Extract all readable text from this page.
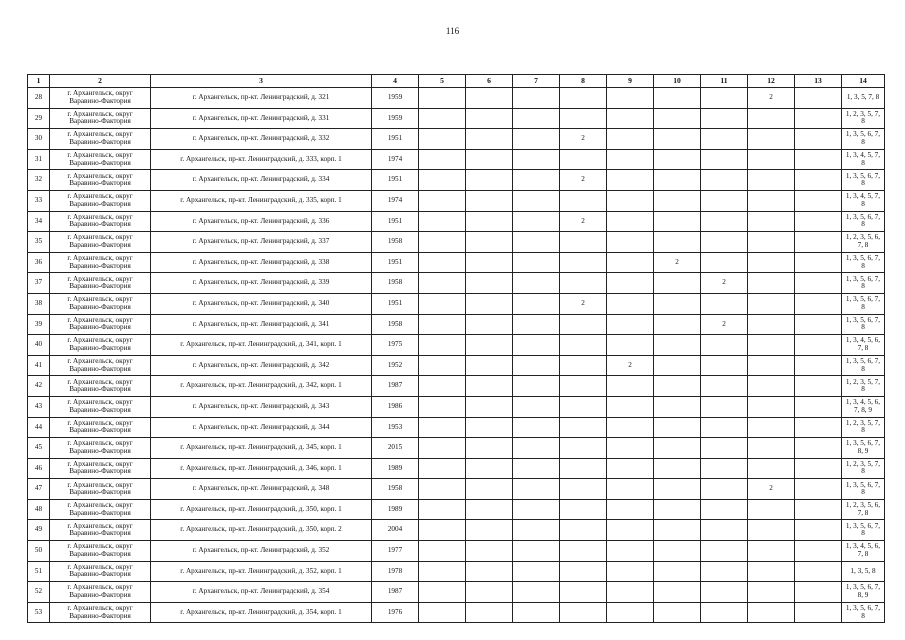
116
1	2	3	4	5	6	7	8	9	10	11	12	13	14
28	г. Архангельск, округ Варавино-Фактория	г. Архангельск, пр-кт. Ленинградский, д. 321	1959								2		1, 3, 5, 7, 8
29	г. Архангельск, округ Варавино-Фактория	г. Архангельск, пр-кт. Ленинградский, д. 331	1959										1, 2, 3, 5, 7, 8
30	г. Архангельск, округ Варавино-Фактория	г. Архангельск, пр-кт. Ленинградский, д. 332	1951				2						1, 3, 5, 6, 7, 8
31	г. Архангельск, округ Варавино-Фактория	г. Архангельск, пр-кт. Ленинградский, д. 333, корп. 1	1974										1, 3, 4, 5, 7, 8
32	г. Архангельск, округ Варавино-Фактория	г. Архангельск, пр-кт. Ленинградский, д. 334	1951				2						1, 3, 5, 6, 7, 8
33	г. Архангельск, округ Варавино-Фактория	г. Архангельск, пр-кт. Ленинградский, д. 335, корп. 1	1974										1, 3, 4, 5, 7, 8
34	г. Архангельск, округ Варавино-Фактория	г. Архангельск, пр-кт. Ленинградский, д. 336	1951				2						1, 3, 5, 6, 7, 8
35	г. Архангельск, округ Варавино-Фактория	г. Архангельск, пр-кт. Ленинградский, д. 337	1958										1, 2, 3, 5, 6, 7, 8
36	г. Архангельск, округ Варавино-Фактория	г. Архангельск, пр-кт. Ленинградский, д. 338	1951						2				1, 3, 5, 6, 7, 8
37	г. Архангельск, округ Варавино-Фактория	г. Архангельск, пр-кт. Ленинградский, д. 339	1958							2			1, 3, 5, 6, 7, 8
38	г. Архангельск, округ Варавино-Фактория	г. Архангельск, пр-кт. Ленинградский, д. 340	1951				2						1, 3, 5, 6, 7, 8
39	г. Архангельск, округ Варавино-Фактория	г. Архангельск, пр-кт. Ленинградский, д. 341	1958							2			1, 3, 5, 6, 7, 8
40	г. Архангельск, округ Варавино-Фактория	г. Архангельск, пр-кт. Ленинградский, д. 341, корп. 1	1975										1, 3, 4, 5, 6, 7, 8
41	г. Архангельск, округ Варавино-Фактория	г. Архангельск, пр-кт. Ленинградский, д. 342	1952					2					1, 3, 5, 6, 7, 8
42	г. Архангельск, округ Варавино-Фактория	г. Архангельск, пр-кт. Ленинградский, д. 342, корп. 1	1987										1, 2, 3, 5, 7, 8
43	г. Архангельск, округ Варавино-Фактория	г. Архангельск, пр-кт. Ленинградский, д. 343	1986										1, 3, 4, 5, 6, 7, 8, 9
44	г. Архангельск, округ Варавино-Фактория	г. Архангельск, пр-кт. Ленинградский, д. 344	1953										1, 2, 3, 5, 7, 8
45	г. Архангельск, округ Варавино-Фактория	г. Архангельск, пр-кт. Ленинградский, д. 345, корп. 1	2015										1, 3, 5, 6, 7, 8, 9
46	г. Архангельск, округ Варавино-Фактория	г. Архангельск, пр-кт. Ленинградский, д. 346, корп. 1	1989										1, 2, 3, 5, 7, 8
47	г. Архангельск, округ Варавино-Фактория	г. Архангельск, пр-кт. Ленинградский, д. 348	1958								2		1, 3, 5, 6, 7, 8
48	г. Архангельск, округ Варавино-Фактория	г. Архангельск, пр-кт. Ленинградский, д. 350, корп. 1	1989										1, 2, 3, 5, 6, 7, 8
49	г. Архангельск, округ Варавино-Фактория	г. Архангельск, пр-кт. Ленинградский, д. 350, корп. 2	2004										1, 3, 5, 6, 7, 8
50	г. Архангельск, округ Варавино-Фактория	г. Архангельск, пр-кт. Ленинградский, д. 352	1977										1, 3, 4, 5, 6, 7, 8
51	г. Архангельск, округ Варавино-Фактория	г. Архангельск, пр-кт. Ленинградский, д. 352, корп. 1	1978										1, 3, 5, 8
52	г. Архангельск, округ Варавино-Фактория	г. Архангельск, пр-кт. Ленинградский, д. 354	1987										1, 3, 5, 6, 7, 8, 9
53	г. Архангельск, округ Варавино-Фактория	г. Архангельск, пр-кт. Ленинградский, д. 354, корп. 1	1976										1, 3, 5, 6, 7, 8
